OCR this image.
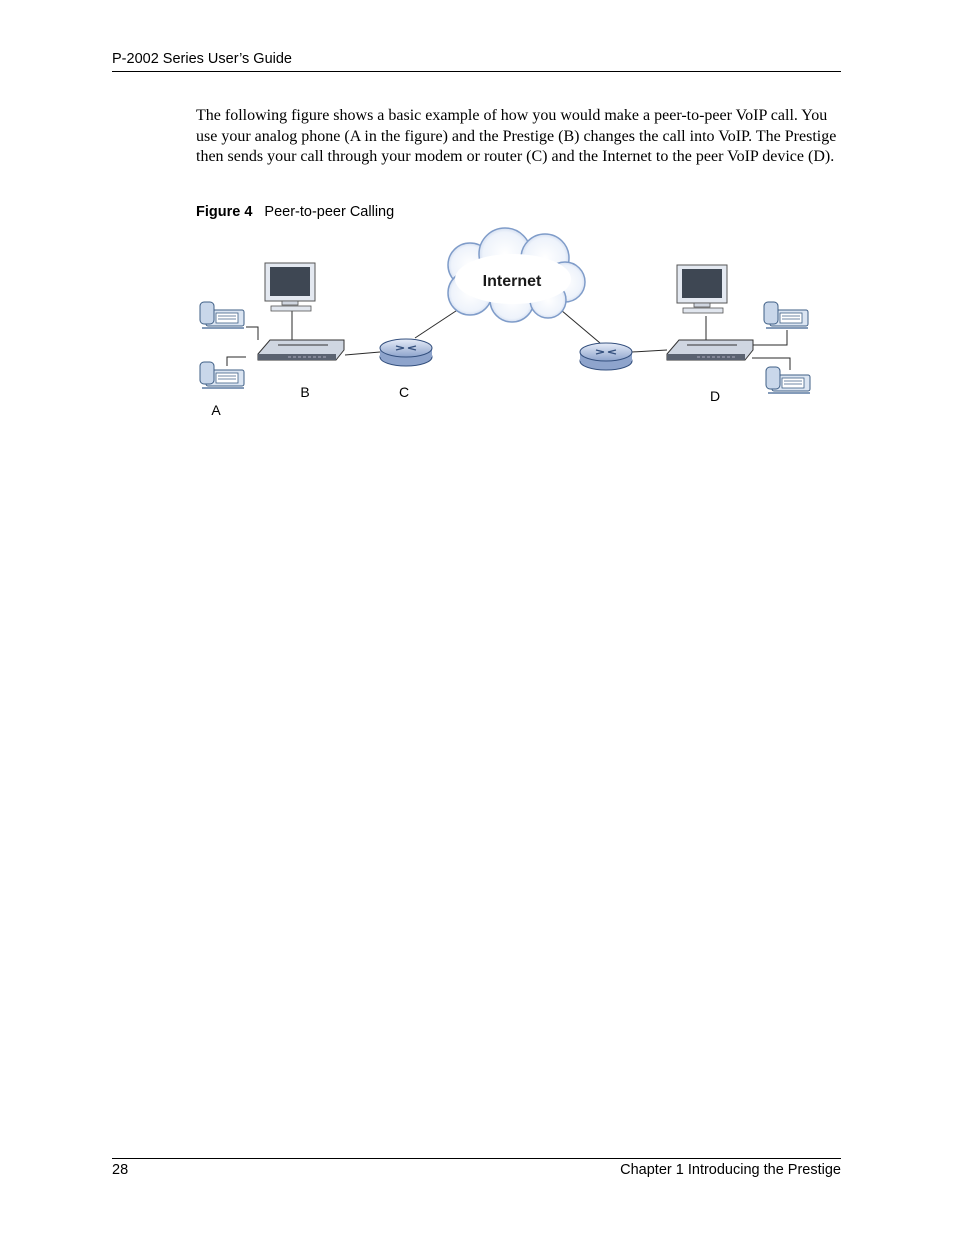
P-2002 Series User’s Guide
The following figure shows a basic example of how you would make a peer-to-peer VoIP call. You use your analog phone (A in the figure) and the Prestige (B) changes the call into VoIP. The Prestige then sends your call through your modem or router (C) and the Internet to the peer VoIP device (D).
Figure 4 Peer-to-peer Calling
Internet
A
B	C	D
28	Chapter 1 Introducing the Prestige
